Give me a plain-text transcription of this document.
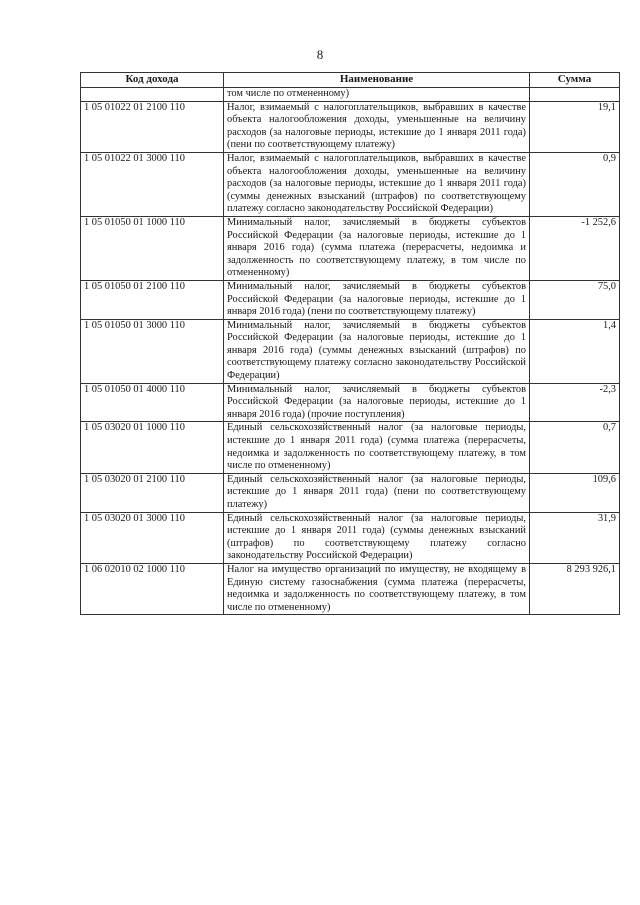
8
Код дохода	Наименование	Сумма
	том числе по отмененному)	
1 05 01022 01 2100 110	Налог, взимаемый с налогоплательщиков, выбравших в качестве объекта налогообложения доходы, уменьшенные на величину расходов (за налоговые периоды, истекшие до 1 января 2011 года) (пени по соответствующему платежу)	19,1
1 05 01022 01 3000 110	Налог, взимаемый с налогоплательщиков, выбравших в качестве объекта налогообложения доходы, уменьшенные на величину расходов (за налоговые периоды, истекшие до 1 января 2011 года) (суммы денежных взысканий (штрафов) по соответствующему платежу согласно законодательству Российской Федерации)	0,9
1 05 01050 01 1000 110	Минимальный налог, зачисляемый в бюджеты субъектов Российской Федерации (за налоговые периоды, истекшие до 1 января 2016 года) (сумма платежа (перерасчеты, недоимка и задолженность по соответствующему платежу, в том числе по отмененному)	-1 252,6
1 05 01050 01 2100 110	Минимальный налог, зачисляемый в бюджеты субъектов Российской Федерации (за налоговые периоды, истекшие до 1 января 2016 года) (пени по соответствующему платежу)	75,0
1 05 01050 01 3000 110	Минимальный налог, зачисляемый в бюджеты субъектов Российской Федерации (за налоговые периоды, истекшие до 1 января 2016 года) (суммы денежных взысканий (штрафов) по соответствующему платежу согласно законодательству Российской Федерации)	1,4
1 05 01050 01 4000 110	Минимальный налог, зачисляемый в бюджеты субъектов Российской Федерации (за налоговые периоды, истекшие до 1 января 2016 года) (прочие поступления)	-2,3
1 05 03020 01 1000 110	Единый сельскохозяйственный налог (за налоговые периоды, истекшие до 1 января 2011 года) (сумма платежа (перерасчеты, недоимка и задолженность по соответствующему платежу, в том числе по отмененному)	0,7
1 05 03020 01 2100 110	Единый сельскохозяйственный налог (за налоговые периоды, истекшие до 1 января 2011 года) (пени по соответствующему платежу)	109,6
1 05 03020 01 3000 110	Единый сельскохозяйственный налог (за налоговые периоды, истекшие до 1 января 2011 года) (суммы денежных взысканий (штрафов) по соответствующему платежу согласно законодательству Российской Федерации)	31,9
1 06 02010 02 1000 110	Налог на имущество организаций по имуществу, не входящему в Единую систему газоснабжения (сумма платежа (перерасчеты, недоимка и задолженность по соответствующему платежу, в том числе по отмененному)	8 293 926,1
